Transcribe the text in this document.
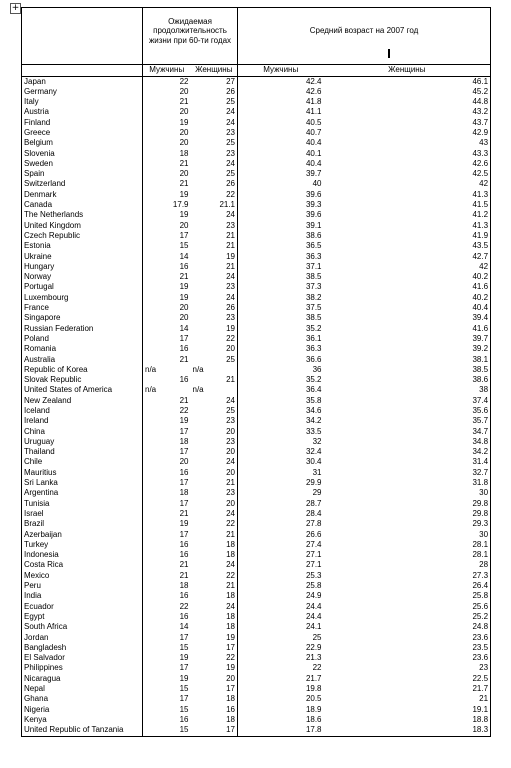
+
	Ожидаемая продолжительность жизни при 60-ти годах		Средний возраст на 2007 год	

	Мужчины	Женщины	Мужчины	Женщины
Japan	22	27	42.4	46.1
Germany	20	26	42.6	45.2
Italy	21	25	41.8	44.8
Austria	20	24	41.1	43.2
Finland	19	24	40.5	43.7
Greece	20	23	40.7	42.9
Belgium	20	25	40.4	43
Slovenia	18	23	40.1	43.3
Sweden	21	24	40.4	42.6
Spain	20	25	39.7	42.5
Switzerland	21	26	40	42
Denmark	19	22	39.6	41.3
Canada	17.9	21.1	39.3	41.5
The Netherlands	19	24	39.6	41.2
United Kingdom	20	23	39.1	41.3
Czech Republic	17	21	38.6	41.9
Estonia	15	21	36.5	43.5
Ukraine	14	19	36.3	42.7
Hungary	16	21	37.1	42
Norway	21	24	38.5	40.2
Portugal	19	23	37.3	41.6
Luxembourg	19	24	38.2	40.2
France	20	26	37.5	40.4
Singapore	20	23	38.5	39.4
Russian Federation	14	19	35.2	41.6
Poland	17	22	36.1	39.7
Romania	16	20	36.3	39.2
Australia	21	25	36.6	38.1
Republic of Korea	n/a	n/a	36	38.5
Slovak Republic	16	21	35.2	38.6
United States of America	n/a	n/a	36.4	38
New Zealand	21	24	35.8	37.4
Iceland	22	25	34.6	35.6
Ireland	19	23	34.2	35.7
China	17	20	33.5	34.7
Uruguay	18	23	32	34.8
Thailand	17	20	32.4	34.2
Chile	20	24	30.4	31.4
Mauritius	16	20	31	32.7
Sri Lanka	17	21	29.9	31.8
Argentina	18	23	29	30
Tunisia	17	20	28.7	29.8
Israel	21	24	28.4	29.8
Brazil	19	22	27.8	29.3
Azerbaijan	17	21	26.6	30
Turkey	16	18	27.4	28.1
Indonesia	16	18	27.1	28.1
Costa Rica	21	24	27.1	28
Mexico	21	22	25.3	27.3
Peru	18	21	25.8	26.4
India	16	18	24.9	25.8
Ecuador	22	24	24.4	25.6
Egypt	16	18	24.4	25.2
South Africa	14	18	24.1	24.8
Jordan	17	19	25	23.6
Bangladesh	15	17	22.9	23.5
El Salvador	19	22	21.3	23.6
Philippines	17	19	22	23
Nicaragua	19	20	21.7	22.5
Nepal	15	17	19.8	21.7
Ghana	17	18	20.5	21
Nigeria	15	16	18.9	19.1
Kenya	16	18	18.6	18.8
United Republic of Tanzania	15	17	17.8	18.3
